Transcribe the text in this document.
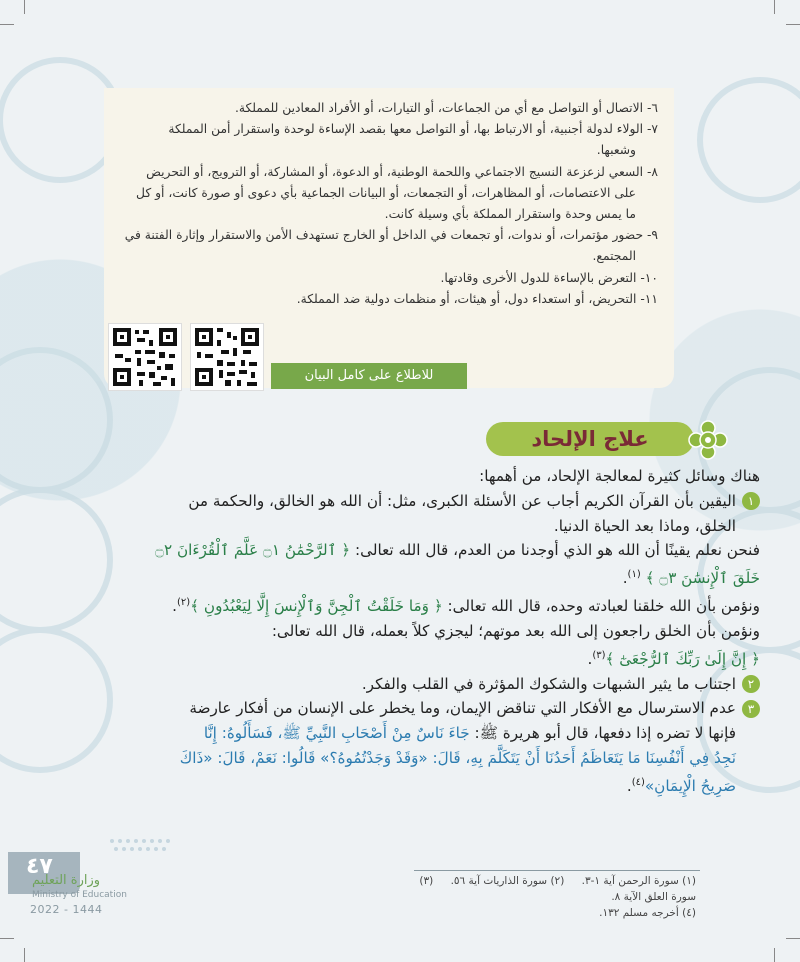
٦- الاتصال أو التواصل مع أي من الجماعات، أو التيارات، أو الأفراد المعادين للمملكة.
٧- الولاء لدولة أجنبية، أو الارتباط بها، أو التواصل معها بقصد الإساءة لوحدة واستقرار أمن المملكة
وشعبها.
٨- السعي لزعزعة النسيج الاجتماعي واللحمة الوطنية، أو الدعوة، أو المشاركة، أو الترويج، أو التحريض
على الاعتصامات، أو المظاهرات، أو التجمعات، أو البيانات الجماعية بأي دعوى أو صورة كانت، أو كل
ما يمس وحدة واستقرار المملكة بأي وسيلة كانت.
٩- حضور مؤتمرات، أو ندوات، أو تجمعات في الداخل أو الخارج تستهدف الأمن والاستقرار وإثارة الفتنة في
المجتمع.
١٠- التعرض بالإساءة للدول الأخرى وقادتها.
١١- التحريض، أو استعداء دول، أو هيئات، أو منظمات دولية ضد المملكة.
للاطلاع على كامل البيان
علاج الإلحاد
هناك وسائل كثيرة لمعالجة الإلحاد، من أهمها:
١اليقين بأن القرآن الكريم أجاب عن الأسئلة الكبرى، مثل: أن الله هو الخالق، والحكمة من
الخلق، وماذا بعد الحياة الدنيا.
فنحن نعلم يقينًا أن الله هو الذي أوجدنا من العدم، قال الله تعالى: ﴿ ٱلرَّحْمَٰنُ ۝١ عَلَّمَ ٱلْقُرْءَانَ ۝٢
خَلَقَ ٱلْإِنسَٰنَ ۝٣ ﴾ $^{(١)}$.
ونؤمن بأن الله خلقنا لعبادته وحده، قال الله تعالى: ﴿ وَمَا خَلَقْتُ ٱلْجِنَّ وَٱلْإِنسَ إِلَّا لِيَعْبُدُونِ ﴾$^{(٢)}$.
ونؤمن بأن الخلق راجعون إلى الله بعد موتهم؛ ليجزي كلاً بعمله، قال الله تعالى:
﴿ إِنَّ إِلَىٰ رَبِّكَ ٱلرُّجْعَىٰٓ ﴾$^{(٣)}$.
٢اجتناب ما يثير الشبهات والشكوك المؤثرة في القلب والفكر.
٣عدم الاسترسال مع الأفكار التي تناقض الإيمان، وما يخطر على الإنسان من أفكار عارضة
فإنها لا تضره إذا دفعها، قال أبو هريرة ﷺ: جَاءَ نَاسٌ مِنْ أَصْحَابِ النَّبِيِّ ﷺ، فَسَأَلُوهُ: إِنَّا
نَجِدُ فِي أَنْفُسِنَا مَا يَتَعَاظَمُ أَحَدُنَا أَنْ يَتَكَلَّمَ بِهِ، قَالَ: «وَقَدْ وَجَدْتُمُوهُ؟» قَالُوا: نَعَمْ، قَالَ: «ذَاكَ
صَرِيحُ الْإِيمَانِ»$^{(٤)}$.
٤٧
وزارة التعليم
Ministry of Education
2022 - 1444
(١) سورة الرحمن آية ١-٣. (٢) سورة الذاريات آية ٥٦. (٣) سورة العلق الآية ٨.
(٤) أخرجه مسلم ١٣٢.
